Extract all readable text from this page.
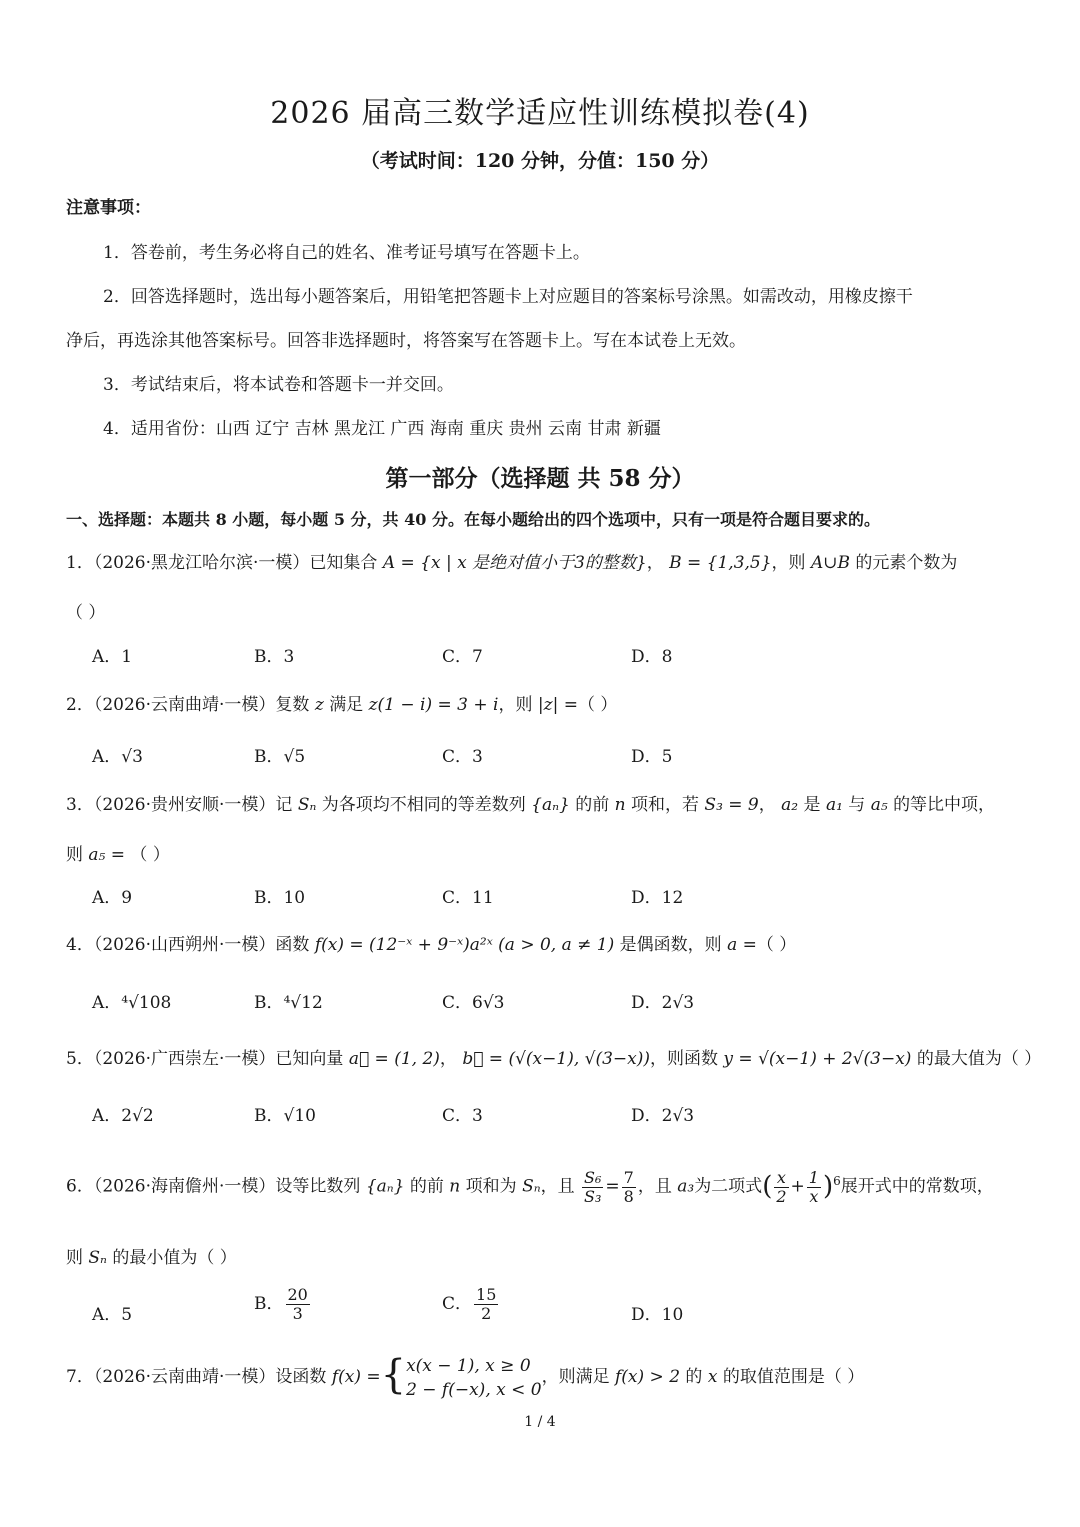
2026 届高三数学适应性训练模拟卷(4)
（考试时间：120 分钟，分值：150 分）
注意事项：
1．答卷前，考生务必将自己的姓名、准考证号填写在答题卡上。
2．回答选择题时，选出每小题答案后，用铅笔把答题卡上对应题目的答案标号涂黑。如需改动，用橡皮擦干
净后，再选涂其他答案标号。回答非选择题时，将答案写在答题卡上。写在本试卷上无效。
3．考试结束后，将本试卷和答题卡一并交回。
4．适用省份：山西 辽宁 吉林 黑龙江 广西 海南 重庆 贵州 云南 甘肃 新疆
第一部分（选择题 共 58 分）
一、选择题：本题共 8 小题，每小题 5 分，共 40 分。在每小题给出的四个选项中，只有一项是符合题目要求的。
1．（2026·黑龙江哈尔滨·一模）已知集合 A = {x | x 是绝对值小于3的整数}， B = {1,3,5}，则 A∪B 的元素个数为
（ ）
A．1	B．3	C．7	D．8
2．（2026·云南曲靖·一模）复数 z 满足 z(1 − i) = 3 + i，则 |z| =（ ）
A．√3	B．√5	C．3	D．5
3．（2026·贵州安顺·一模）记 Sₙ 为各项均不相同的等差数列 {aₙ} 的前 n 项和，若 S₃ = 9， a₂ 是 a₁ 与 a₅ 的等比中项，
则 a₅ = （ ）
A．9	B．10	C．11	D．12
4．（2026·山西朔州·一模）函数 f(x) = (12⁻ˣ + 9⁻ˣ)a²ˣ (a > 0, a ≠ 1) 是偶函数，则 a =（ ）
A．⁴√108	B．⁴√12	C．6√3	D．2√3
5．（2026·广西崇左·一模）已知向量 a⃗ = (1, 2)， b⃗ = (√(x−1), √(3−x))，则函数 y = √(x−1) + 2√(3−x) 的最大值为（ ）
A．2√2	B．√10	C．3	D．2√3
6．（2026·海南儋州·一模）设等比数列 {aₙ} 的前 n 项和为 Sₙ，且 $\frac{\text{S₆}}{\text{S₃}} = \frac{7}{8}$ ，且 a₃为二项式( $\frac{x}{2} + \frac{1}{x} )^6$展开式中的常数项，
则 Sₙ 的最小值为（ ）
A．5
B． $\frac{20}{3}$	C． $\frac{15}{2}$	D．10
7．（2026·云南曲靖·一模）设函数 f(x) ={ x(x − 1), x ≥ 0
2 − f(−x), x < 0
，则满足 f(x) > 2 的 x 的取值范围是（ ）
1 / 4
